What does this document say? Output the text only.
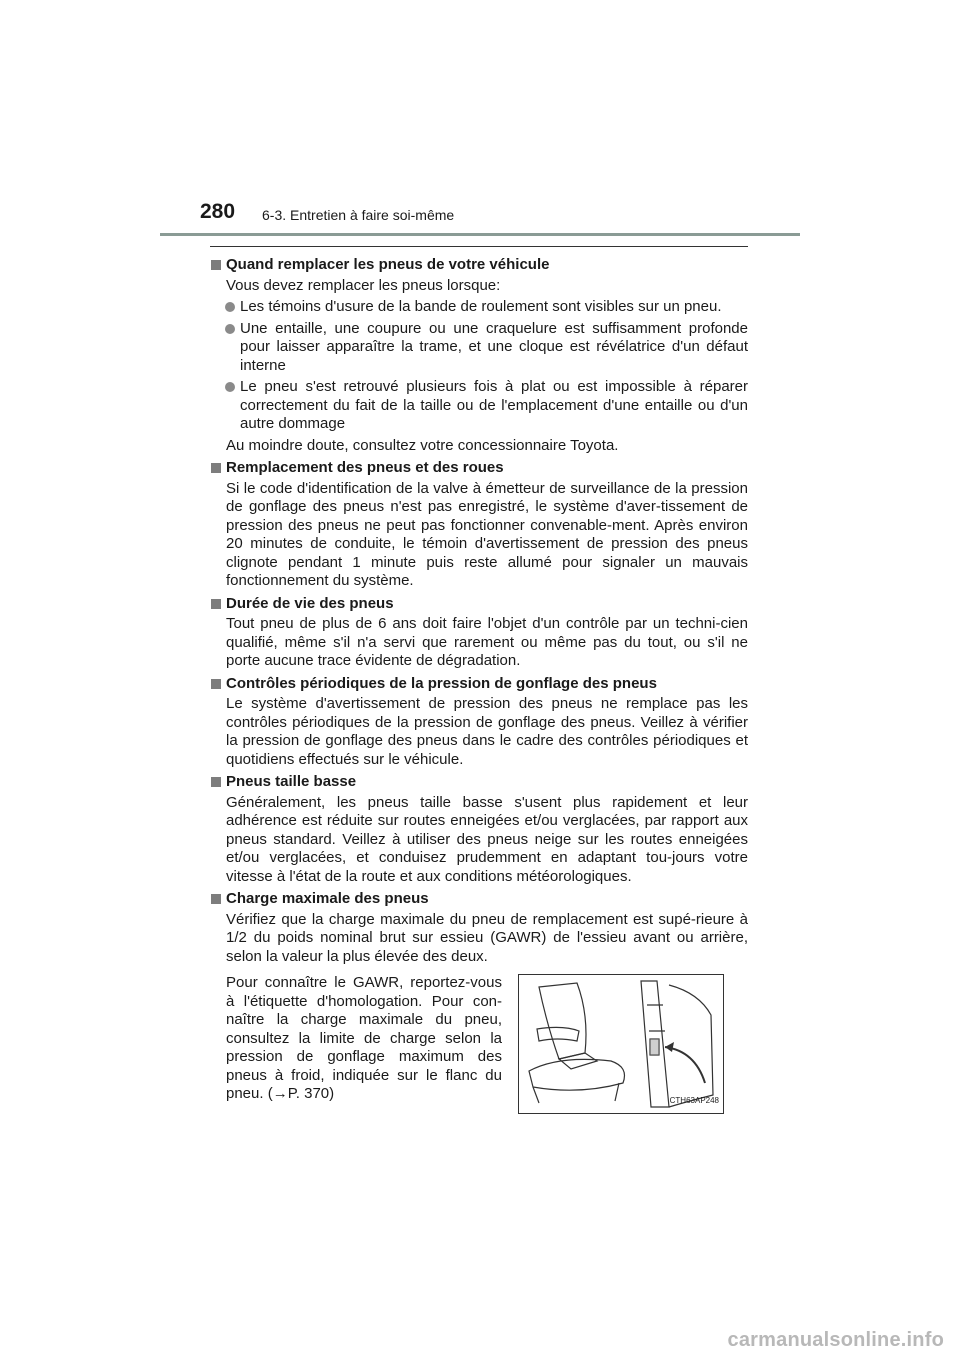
280 6-3. Entretien à faire soi-même
Quand remplacer les pneus de votre véhicule
Vous devez remplacer les pneus lorsque:
Les témoins d'usure de la bande de roulement sont visibles sur un pneu.
Une entaille, une coupure ou une craquelure est suffisamment profonde pour laisser apparaître la trame, et une cloque est révélatrice d'un défaut interne
Le pneu s'est retrouvé plusieurs fois à plat ou est impossible à réparer correctement du fait de la taille ou de l'emplacement d'une entaille ou d'un autre dommage
Au moindre doute, consultez votre concessionnaire Toyota.
Remplacement des pneus et des roues
Si le code d'identification de la valve à émetteur de surveillance de la pression de gonflage des pneus n'est pas enregistré, le système d'aver-tissement de pression des pneus ne peut pas fonctionner convenable-ment. Après environ 20 minutes de conduite, le témoin d'avertissement de pression des pneus clignote pendant 1 minute puis reste allumé pour signaler un mauvais fonctionnement du système.
Durée de vie des pneus
Tout pneu de plus de 6 ans doit faire l'objet d'un contrôle par un techni-cien qualifié, même s'il n'a servi que rarement ou même pas du tout, ou s'il ne porte aucune trace évidente de dégradation.
Contrôles périodiques de la pression de gonflage des pneus
Le système d'avertissement de pression des pneus ne remplace pas les contrôles périodiques de la pression de gonflage des pneus. Veillez à vérifier la pression de gonflage des pneus dans le cadre des contrôles périodiques et quotidiens effectués sur le véhicule.
Pneus taille basse
Généralement, les pneus taille basse s'usent plus rapidement et leur adhérence est réduite sur routes enneigées et/ou verglacées, par rapport aux pneus standard. Veillez à utiliser des pneus neige sur les routes enneigées et/ou verglacées, et conduisez prudemment en adaptant tou-jours votre vitesse à l'état de la route et aux conditions météorologiques.
Charge maximale des pneus
Vérifiez que la charge maximale du pneu de remplacement est supé-rieure à 1/2 du poids nominal brut sur essieu (GAWR) de l'essieu avant ou arrière, selon la valeur la plus élevée des deux.
Pour connaître le GAWR, reportez-vous à l'étiquette d'homologation. Pour con-naître la charge maximale du pneu, consultez la limite de charge selon la pression de gonflage maximum des pneus à froid, indiquée sur le flanc du pneu. (→P. 370)	CTH63AP248
carmanualsonline.info
